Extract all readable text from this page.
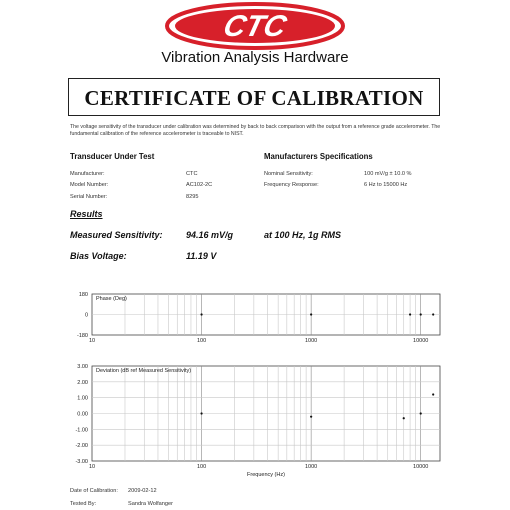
CTC
Vibration Analysis Hardware
CERTIFICATE OF CALIBRATION
The voltage sensitivity of the transducer under calibration was determined by back to back comparison with the output from a reference grade accelerometer. The fundamental calibration of the reference accelerometer is traceable to NIST.
Transducer Under Test
Manufacturer:	CTC
Model Number:	AC102-2C
Serial Number:	8295
Manufacturers Specifications
Nominal Sensitivity:	100 mV/g ± 10.0 %
Frequency Response:	6 Hz to 15000 Hz
Results
Measured Sensitivity:	94.16 mV/g	at 100 Hz, 1g RMS
Bias Voltage:	11.19 V
180
0
-180
10	100	1000	10000
Phase (Deg)
3.00
2.00
1.00
0.00
-1.00
-2.00
-3.00
10	100	1000	10000
Deviation (dB ref Measured Sensitivity)
Frequency (Hz)
Date of Calibration: 2009-02-12
Tested By:	Sandra Wolfanger
